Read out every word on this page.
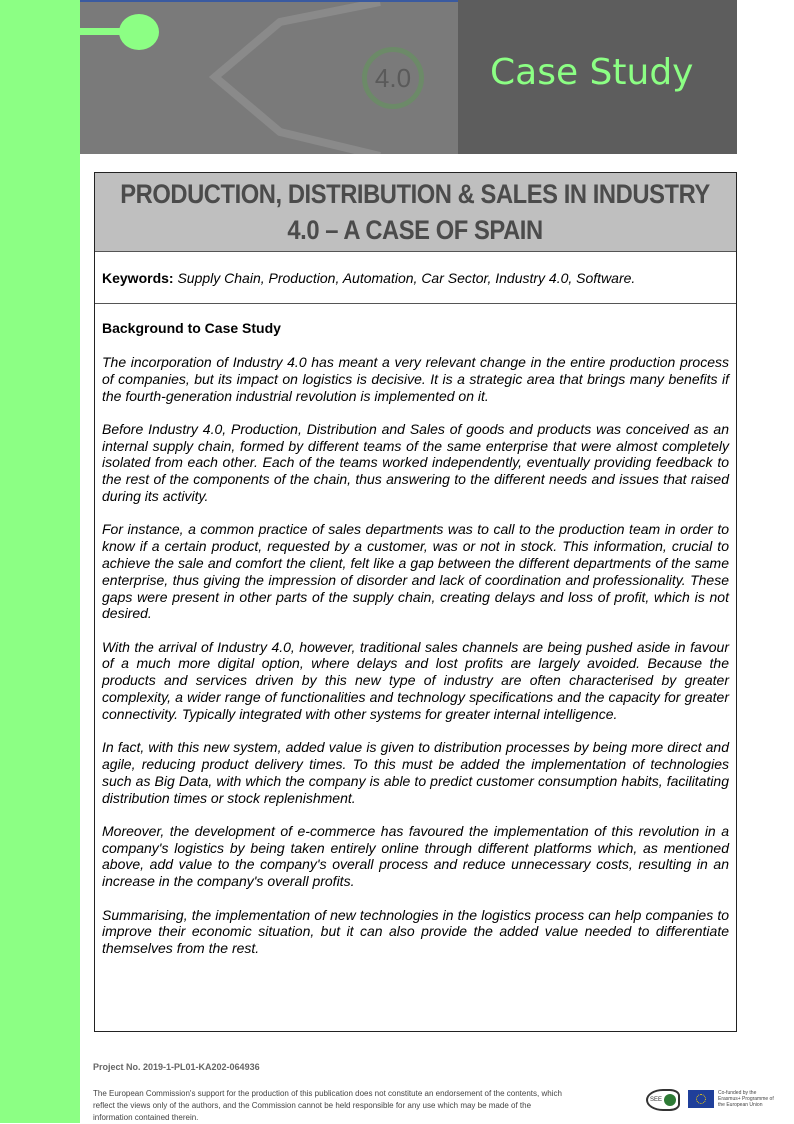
4.0 Case Study
PRODUCTION, DISTRIBUTION & SALES IN INDUSTRY
4.0 – A CASE OF SPAIN
Keywords: Supply Chain, Production, Automation, Car Sector, Industry 4.0, Software.
Background to Case Study

The incorporation of Industry 4.0 has meant a very relevant change in the entire production process of companies, but its impact on logistics is decisive. It is a strategic area that brings many benefits if the fourth-generation industrial revolution is implemented on it.

Before Industry 4.0, Production, Distribution and Sales of goods and products was conceived as an internal supply chain, formed by different teams of the same enterprise that were almost completely isolated from each other. Each of the teams worked independently, eventually providing feedback to the rest of the components of the chain, thus answering to the different needs and issues that raised during its activity.

For instance, a common practice of sales departments was to call to the production team in order to know if a certain product, requested by a customer, was or not in stock. This information, crucial to achieve the sale and comfort the client, felt like a gap between the different departments of the same enterprise, thus giving the impression of disorder and lack of coordination and professionality. These gaps were present in other parts of the supply chain, creating delays and loss of profit, which is not desired.

With the arrival of Industry 4.0, however, traditional sales channels are being pushed aside in favour of a much more digital option, where delays and lost profits are largely avoided. Because the products and services driven by this new type of industry are often characterised by greater complexity, a wider range of functionalities and technology specifications and the capacity for greater connectivity. Typically integrated with other systems for greater internal intelligence.

In fact, with this new system, added value is given to distribution processes by being more direct and agile, reducing product delivery times. To this must be added the implementation of technologies such as Big Data, with which the company is able to predict customer consumption habits, facilitating distribution times or stock replenishment.

Moreover, the development of e-commerce has favoured the implementation of this revolution in a company's logistics by being taken entirely online through different platforms which, as mentioned above, add value to the company's overall process and reduce unnecessary costs, resulting in an increase in the company's overall profits.

Summarising, the implementation of new technologies in the logistics process can help companies to improve their economic situation, but it can also provide the added value needed to differentiate themselves from the rest.

Project No. 2019-1-PL01-KA202-064936
The European Commission's support for the production of this publication does not constitute an endorsement of the contents, which reflect the views only of the authors, and the Commission cannot be held responsible for any use which may be made of the information contained therein.
SEE
Co-funded by the Erasmus+ Programme of the European Union
